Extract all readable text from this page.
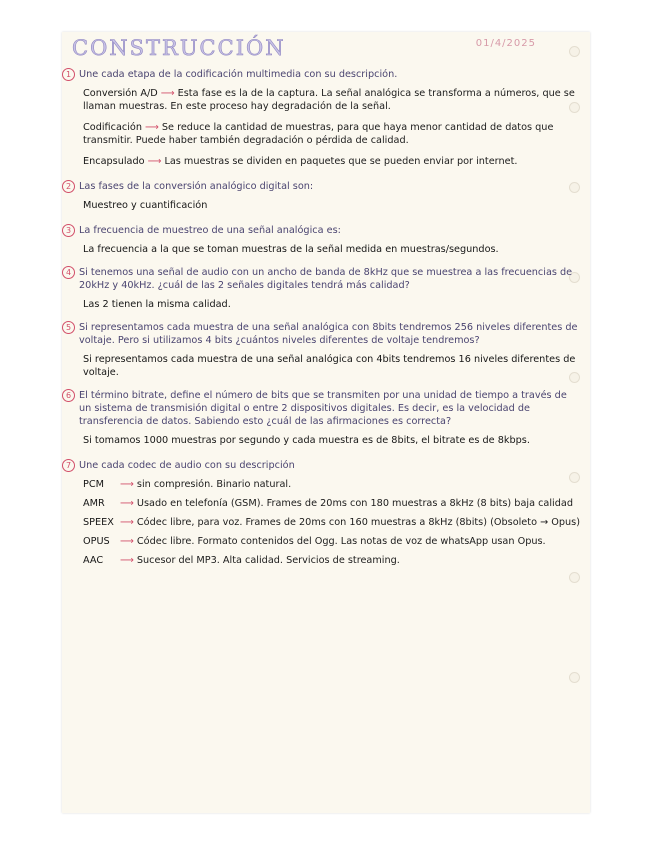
CONSTRUCCIÓN	01/4/2025
1 Une cada etapa de la codificación multimedia con su descripción.
Conversión A/D ⟶ Esta fase es la de la captura. La señal analógica se transforma a números, que se llaman muestras. En este proceso hay degradación de la señal.
Codificación ⟶ Se reduce la cantidad de muestras, para que haya menor cantidad de datos que transmitir. Puede haber también degradación o pérdida de calidad.
Encapsulado ⟶ Las muestras se dividen en paquetes que se pueden enviar por internet.
2 Las fases de la conversión analógico digital son:
Muestreo y cuantificación
3 La frecuencia de muestreo de una señal analógica es:
La frecuencia a la que se toman muestras de la señal medida en muestras/segundos.
4 Si tenemos una señal de audio con un ancho de banda de 8kHz que se muestrea a las frecuencias de 20kHz y 40kHz. ¿cuál de las 2 señales digitales tendrá más calidad?
Las 2 tienen la misma calidad.
5 Si representamos cada muestra de una señal analógica con 8bits tendremos 256 niveles diferentes de voltaje. Pero si utilizamos 4 bits ¿cuántos niveles diferentes de voltaje tendremos?
Si representamos cada muestra de una señal analógica con 4bits tendremos 16 niveles diferentes de voltaje.
6 El término bitrate, define el número de bits que se transmiten por una unidad de tiempo a través de un sistema de transmisión digital o entre 2 dispositivos digitales. Es decir, es la velocidad de transferencia de datos. Sabiendo esto ¿cuál de las afirmaciones es correcta?
Si tomamos 1000 muestras por segundo y cada muestra es de 8bits, el bitrate es de 8kbps.
7 Une cada codec de audio con su descripción
PCM ⟶ sin compresión. Binario natural.
AMR ⟶ Usado en telefonía (GSM). Frames de 20ms con 180 muestras a 8kHz (8 bits) baja calidad
SPEEX ⟶ Códec libre, para voz. Frames de 20ms con 160 muestras a 8kHz (8bits) (Obsoleto → Opus)
OPUS ⟶ Códec libre. Formato contenidos del Ogg. Las notas de voz de whatsApp usan Opus.
AAC ⟶ Sucesor del MP3. Alta calidad. Servicios de streaming.
